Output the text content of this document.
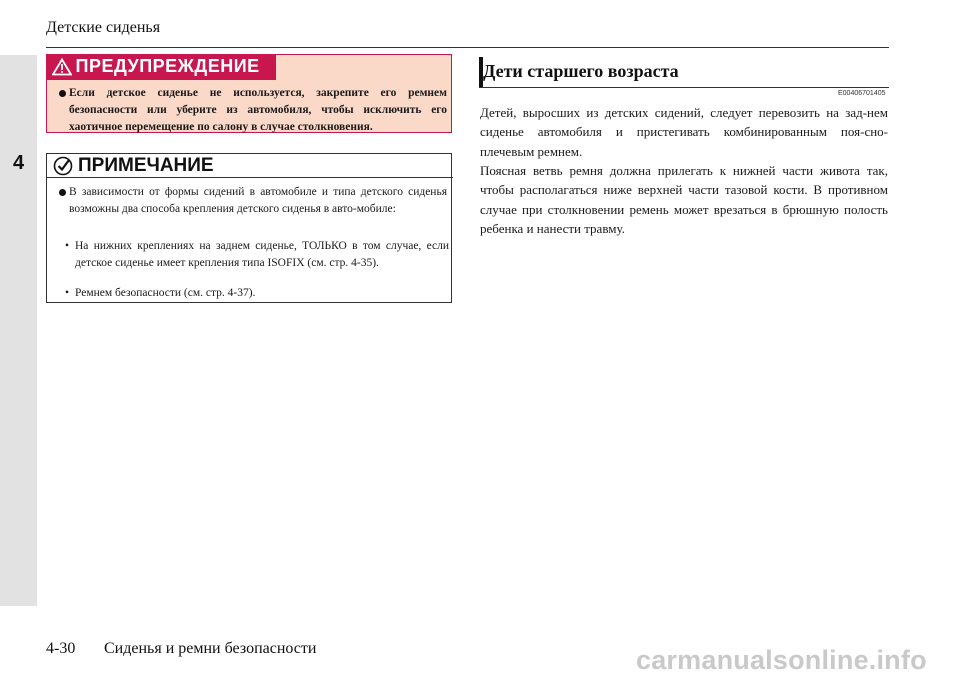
4
Детские сиденья
ПРЕДУПРЕЖДЕНИЕ
Если детское сиденье не используется, закрепите его ремнем безопасности или уберите из автомобиля, чтобы исключить его хаотичное перемещение по салону в случае столкновения.
ПРИМЕЧАНИЕ
В зависимости от формы сидений в автомобиле и типа детского сиденья возможны два способа крепления детского сиденья в авто-мобиле:
• На нижних креплениях на заднем сиденье, ТОЛЬКО в том случае, если детское сиденье имеет крепления типа ISOFIX (см. стр. 4-35).
• Ремнем безопасности (см. стр. 4-37).
Дети старшего возраста
E00406701405
Детей, выросших из детских сидений, следует перевозить на зад-нем сиденье автомобиля и пристегивать комбинированным поя-сно-плечевым ремнем.
Поясная ветвь ремня должна прилегать к нижней части живота так, чтобы располагаться ниже верхней части тазовой кости. В противном случае при столкновении ремень может врезаться в брюшную полость ребенка и нанести травму.
4-30 Сиденья и ремни безопасности	carmanualsonline.info
